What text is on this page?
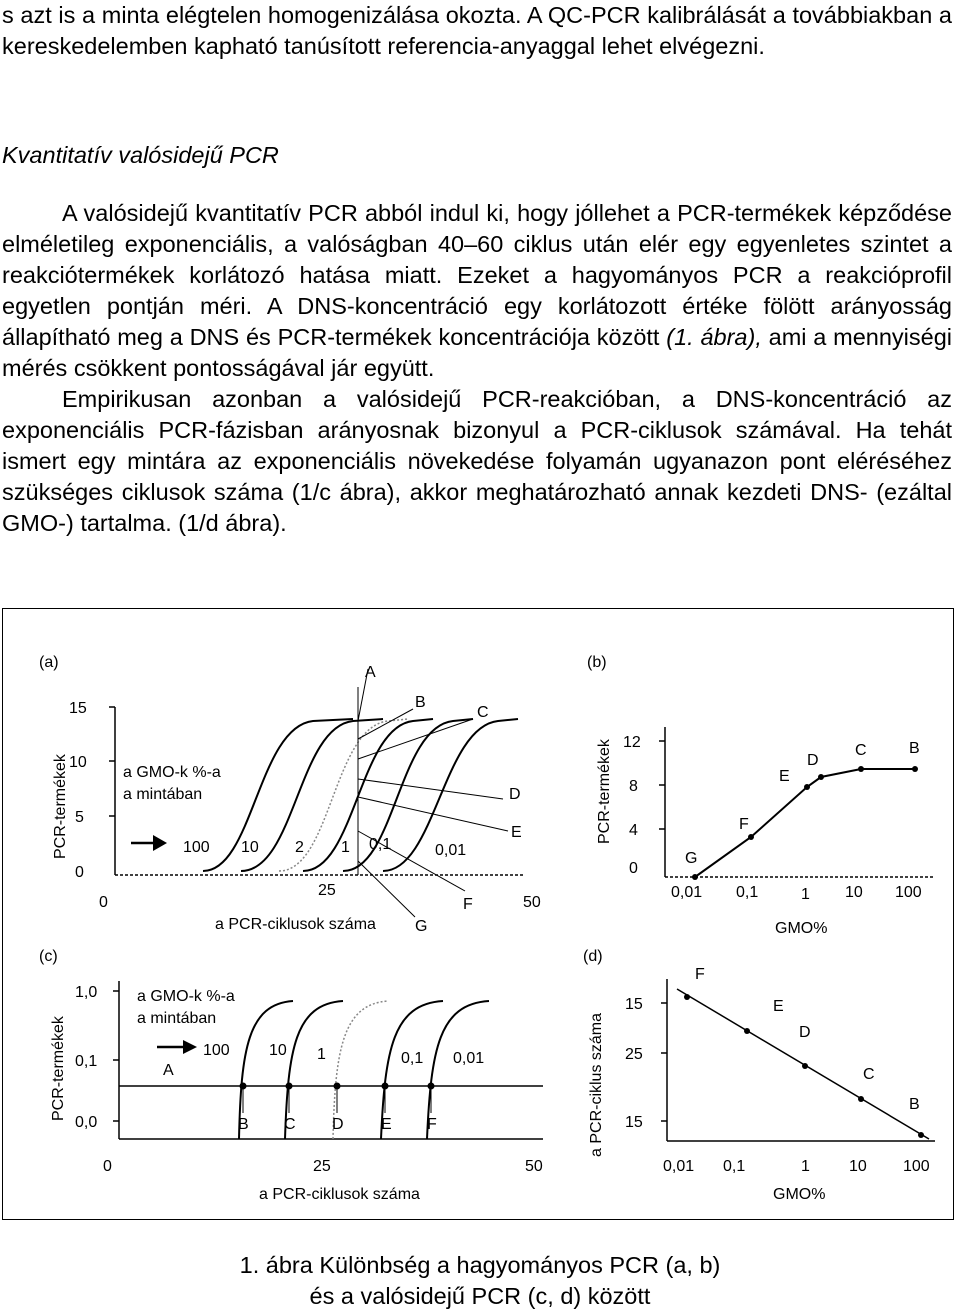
s azt is a minta elégtelen homogenizálása okozta. A QC-PCR kalibrálását a továbbiakban a kereskedelemben kapható tanúsított referencia-anyaggal lehet elvégezni.

Kvantitatív valósidejű PCR

A valósidejű kvantitatív PCR abból indul ki, hogy jóllehet a PCR-termékek képződése elméletileg exponenciális, a valóságban 40–60 ciklus után elér egy egyenletes szintet a reakciótermékek korlátozó hatása miatt. Ezeket a hagyományos PCR a reakcióprofil egyetlen pontján méri. A DNS-koncentráció egy korlátozott értéke fölött arányosság állapítható meg a DNS és PCR-termékek koncentrációja között (1. ábra), ami a mennyiségi mérés csökkent pontosságával jár együtt.

Empirikusan azonban a valósidejű PCR-reakcióban, a DNS-koncentráció az exponenciális PCR-fázisban arányosnak bizonyul a PCR-ciklusok számával. Ha tehát ismert egy mintára az exponenciális növekedése folyamán ugyanazon pont eléréséhez szükséges ciklusok száma (1/c ábra), akkor meghatározható annak kezdeti DNS- (ezáltal GMO-) tartalma. (1/d ábra).

(a)
PCR-termékek
15
10
5
0
0
25
50
a PCR-ciklusok száma
a GMO-k %-a
a mintában
100 10 2 1 0,1	0,01
A
B
C
D
E
F
G
(b)
PCR-termékek 12
8
4
0
0,01 0,1	1 10 100
GMO%
G
F
E
D
C	B
(c)
PCR-termékek
1,0
0,1
0,0
0	25	50
a PCR-ciklusok száma
a GMO-k %-a
a mintában
100 10 1	0,1 0,01
A
B C D E F
(d)
a PCR-ciklus száma
15
25
15
0,01 0,1	1 10 100
GMO%
F
E
D
C
B
1. ábra Különbség a hagyományos PCR (a, b)
és a valósidejű PCR (c, d) között
